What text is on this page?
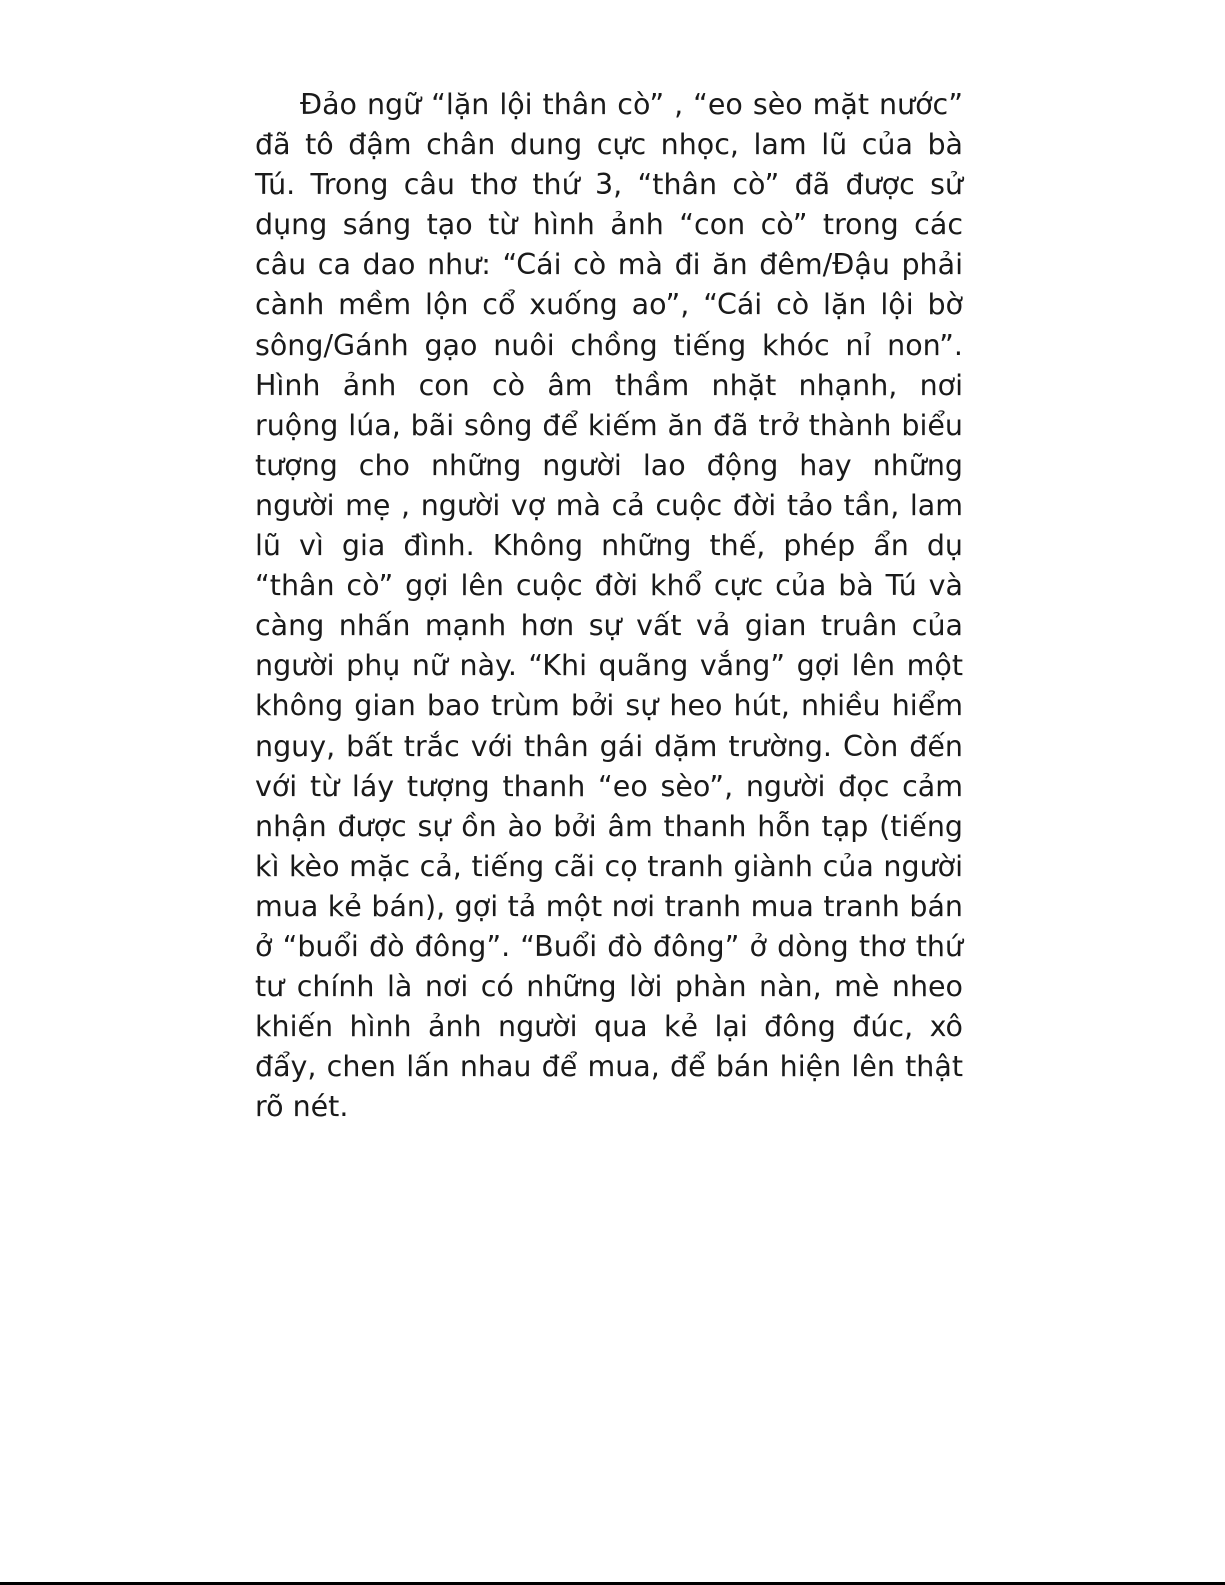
Đảo ngữ “lặn lội thân cò” , “eo sèo mặt nước”
đã tô đậm chân dung cực nhọc, lam lũ của bà
Tú. Trong câu thơ thứ 3, “thân cò” đã được sử
dụng sáng tạo từ hình ảnh “con cò” trong các
câu ca dao như: “Cái cò mà đi ăn đêm/Đậu phải
cành mềm lộn cổ xuống ao”, “Cái cò lặn lội bờ
sông/Gánh gạo nuôi chồng tiếng khóc nỉ non”.
Hình ảnh con cò âm thầm nhặt nhạnh, nơi
ruộng lúa, bãi sông để kiếm ăn đã trở thành biểu
tượng cho những người lao động hay những
người mẹ , người vợ mà cả cuộc đời tảo tần, lam
lũ vì gia đình. Không những thế, phép ẩn dụ
“thân cò” gợi lên cuộc đời khổ cực của bà Tú và
càng nhấn mạnh hơn sự vất vả gian truân của
người phụ nữ này. “Khi quãng vắng” gợi lên một
không gian bao trùm bởi sự heo hút, nhiều hiểm
nguy, bất trắc với thân gái dặm trường. Còn đến
với từ láy tượng thanh “eo sèo”, người đọc cảm
nhận được sự ồn ào bởi âm thanh hỗn tạp (tiếng
kì kèo mặc cả, tiếng cãi cọ tranh giành của người
mua kẻ bán), gợi tả một nơi tranh mua tranh bán
ở “buổi đò đông”. “Buổi đò đông” ở dòng thơ thứ
tư chính là nơi có những lời phàn nàn, mè nheo
khiến hình ảnh người qua kẻ lại đông đúc, xô
đẩy, chen lấn nhau để mua, để bán hiện lên thật
rõ nét.
